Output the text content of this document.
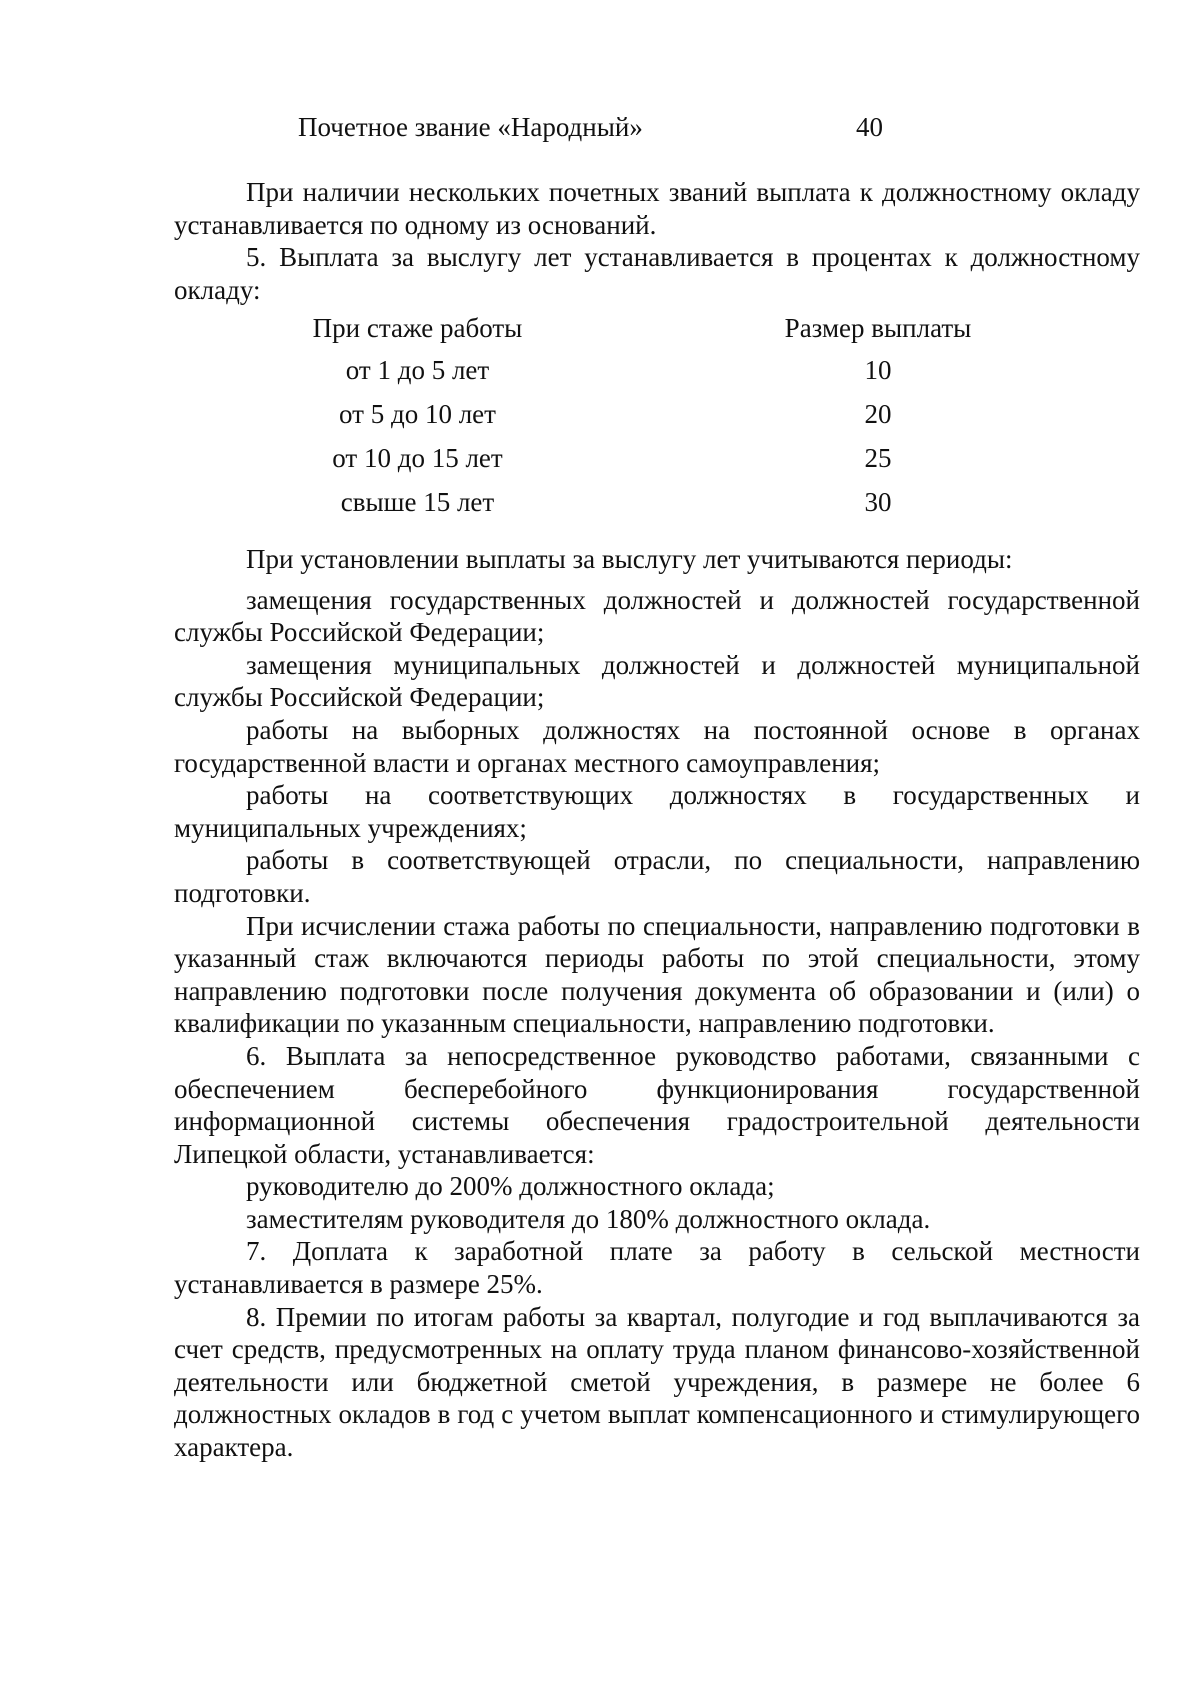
Почетное звание «Народный»	40

При наличии нескольких почетных званий выплата к должностному окладу устанавливается по одному из оснований.

5. Выплата за выслугу лет устанавливается в процентах к должностному окладу:

При стаже работы	Размер выплаты
от 1 до 5 лет	10
от 5 до 10 лет	20
от 10 до 15 лет	25
свыше 15 лет	30

При установлении выплаты за выслугу лет учитываются периоды:

замещения государственных должностей и должностей государственной службы Российской Федерации;

замещения муниципальных должностей и должностей муниципальной службы Российской Федерации;

работы на выборных должностях на постоянной основе в органах государственной власти и органах местного самоуправления;

работы на соответствующих должностях в государственных и муниципальных учреждениях;

работы в соответствующей отрасли, по специальности, направлению подготовки.

При исчислении стажа работы по специальности, направлению подготовки в указанный стаж включаются периоды работы по этой специальности, этому направлению подготовки после получения документа об образовании и (или) о квалификации по указанным специальности, направлению подготовки.

6. Выплата за непосредственное руководство работами, связанными с обеспечением бесперебойного функционирования государственной информационной системы обеспечения градостроительной деятельности Липецкой области, устанавливается:

руководителю до 200% должностного оклада;

заместителям руководителя до 180% должностного оклада.

7. Доплата к заработной плате за работу в сельской местности устанавливается в размере 25%.

8. Премии по итогам работы за квартал, полугодие и год выплачиваются за счет средств, предусмотренных на оплату труда планом финансово-хозяйственной деятельности или бюджетной сметой учреждения, в размере не более 6 должностных окладов в год с учетом выплат компенсационного и стимулирующего характера.
